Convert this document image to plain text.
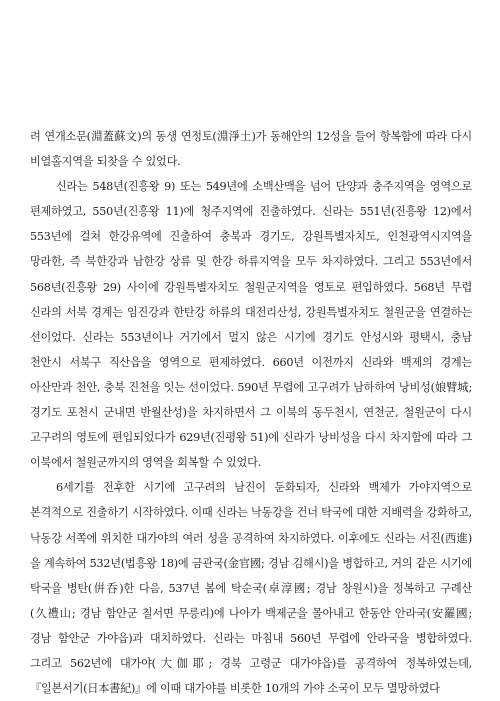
려 연개소문(淵蓋蘇文)의 동생 연정토(淵淨土)가 동해안의 12성을 들어 항복함에 따라 다시 비열홀지역을 되찾을 수 있었다.

신라는 548년(진흥왕 9) 또는 549년에 소백산맥을 넘어 단양과 충주지역을 영역으로 편제하였고, 550년(진흥왕 11)에 청주지역에 진출하였다. 신라는 551년(진흥왕 12)에서 553년에 걸쳐 한강유역에 진출하여 충북과 경기도, 강원특별자치도, 인천광역시지역을 망라한, 즉 북한강과 남한강 상류 및 한강 하류지역을 모두 차지하였다. 그리고 553년에서 568년(진흥왕 29) 사이에 강원특별자치도 철원군지역을 영토로 편입하였다. 568년 무렵 신라의 서북 경계는 임진강과 한탄강 하류의 대전리산성, 강원특별자치도 철원군을 연결하는 선이었다. 신라는 553년이나 거기에서 멀지 않은 시기에 경기도 안성시와 평택시, 충남 천안시 서북구 직산읍을 영역으로 편제하였다. 660년 이전까지 신라와 백제의 경계는 아산만과 천안, 충북 진천을 잇는 선이었다. 590년 무렵에 고구려가 남하하여 낭비성(娘臂城; 경기도 포천시 군내면 반월산성)을 차지하면서 그 이북의 동두천시, 연천군, 철원군이 다시 고구려의 영토에 편입되었다가 629년(진평왕 51)에 신라가 낭비성을 다시 차지함에 따라 그 이북에서 철원군까지의 영역을 회복할 수 있었다.

6세기를 전후한 시기에 고구려의 남진이 둔화되자, 신라와 백제가 가야지역으로 본격적으로 진출하기 시작하였다. 이때 신라는 낙동강을 건너 탁국에 대한 지배력을 강화하고, 낙동강 서쪽에 위치한 대가야의 여러 성을 공격하여 차지하였다. 이후에도 신라는 서진(西進)을 계속하여 532년(법흥왕 18)에 금관국(金官國; 경남 김해시)을 병합하고, 거의 같은 시기에 탁국을 병탄(倂呑)한 다음, 537년 봄에 탁순국(卓淳國; 경남 창원시)을 정복하고 구례산(久禮山; 경남 함안군 칠서면 무릉리)에 나아가 백제군을 몰아내고 한동안 안라국(安羅國; 경남 함안군 가야읍)과 대치하였다. 신라는 마침내 560년 무렵에 안라국을 병합하였다. 그리고 562년에 대가야(大伽耶; 경북 고령군 대가야읍)를 공격하여 정복하였는데, 『일본서기(日本書紀)』에 이때 대가야를 비롯한 10개의 가야 소국이 모두 멸망하였다
